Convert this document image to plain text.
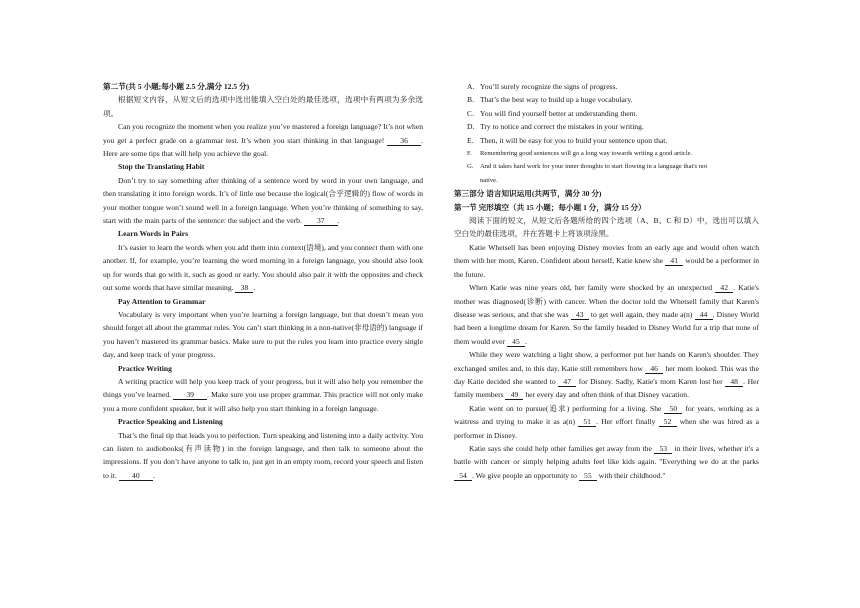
第二节(共 5 小题;每小题 2.5 分,满分 12.5 分)

根据短文内容，从短文后的选项中选出能填入空白处的最佳选项，选项中有两项为多余选项。

Can you recognize the moment when you realize you’ve mastered a foreign language? It’s not when you get a perfect grade on a grammar test. It’s when you start thinking in that language! 36 . Here are some tips that will help you achieve the goal.

Stop the Translating Habit

Don’t try to say something after thinking of a sentence word by word in your own language, and then translating it into foreign words. It’s of little use because the logical(合乎逻辑的) flow of words in your mother tongue won’t sound well in a foreign language. When you’re thinking of something to say, start with the main parts of the sentence: the subject and the verb. 37 .

Learn Words in Pairs

It’s easier to learn the words when you add them into context(语境), and you connect them with one another. If, for example, you’re learning the word morning in a foreign language, you should also look up for words that go with it, such as good or early. You should also pair it with the opposites and check out some words that have similar meaning. 38 .

Pay Attention to Grammar

Vocabulary is very important when you’re learning a foreign language, but that doesn’t mean you should forget all about the grammar rules. You can’t start thinking in a non-native(非母语的) language if you haven’t mastered its grammar basics. Make sure to put the rules you learn into practice every single day, and keep track of your progress.

Practice Writing

A writing practice will help you keep track of your progress, but it will also help you remember the things you’ve learned. 39 . Make sure you use proper grammar. This practice will not only make you a more confident speaker, but it will also help you start thinking in a foreign language.

Practice Speaking and Listening

That’s the final tip that leads you to perfection. Turn speaking and listening into a daily activity. You can listen to audiobooks(有声读物) in the foreign language, and then talk to someone about the impressions. If you don’t have anyone to talk to, just get in an empty room, record your speech and listen to it. 40 .

A. You’ll surely recognize the signs of progress.

B. That’s the best way to build up a huge vocabulary.

C. You will find yourself better at understanding them.

D. Try to notice and correct the mistakes in your writing.

E. Then, it will be easy for you to build your sentence upon that.

F. Remembering good sentences will go a long way towards writing a good article.

G. And it takes hard work for your inner thoughts to start flowing in a language that's not

native.

第三部分 语言知识运用(共两节，满分 30 分)

第一节 完形填空（共 15 小题；每小题 1 分，满分 15 分）

阅读下面的短文，从短文后各题所给的四个选项（A、B、C 和 D）中，选出可以填入空白处的最佳选项，并在答题卡上将该项涂黑。

Katie Whetsell has been enjoying Disney movies from an early age and would often watch them with her mom, Karen. Confident about herself, Katie knew she 41 would be a performer in the future.

When Katie was nine years old, her family were shocked by an unexpected 42 . Katie's mother was diagnosed(诊断) with cancer. When the doctor told the Whetsell family that Karen's disease was serious, and that she was 43 to get well again, they made a(n) 44 . Disney World had been a longtime dream for Karen. So the family headed to Disney World for a trip that none of them would ever 45 .

While they were watching a light show, a performer put her hands on Karen's shoulder. They exchanged smiles and, to this day, Katie still remembers how 46 her mom looked. This was the day Katie decided she wanted to 47 for Disney. Sadly, Katie's mom Karen lost her 48 . Her family members 49 her every day and often think of that Disney vacation.

Katie went on to pursue(追求) performing for a living. She 50 for years, working as a waitress and trying to make it as a(n) 51 . Her effort finally 52 when she was hired as a performer in Disney.

Katie says she could help other families get away from the 53 in their lives, whether it's a battle with cancer or simply helping adults feel like kids again. "Everything we do at the parks 54 . We give people an opportunity to 55 with their childhood."
